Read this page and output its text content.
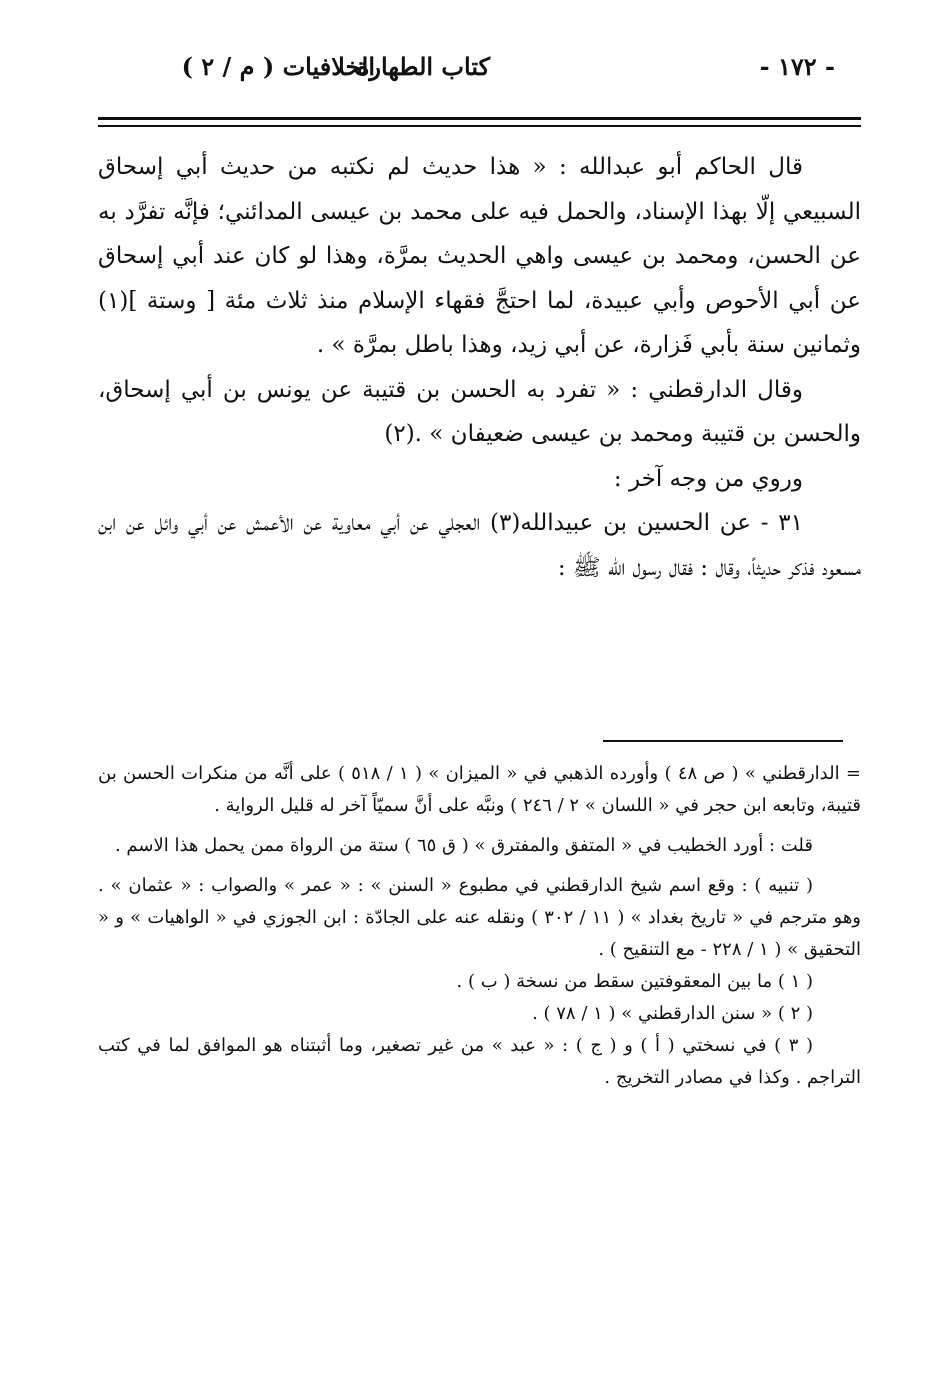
- ١٧٢ -
كتاب الطهارة
الخلافيات ( م / ٢ )

قال الحاكم أبو عبدالله : « هذا حديث لم نكتبه من حديث أبي إسحاق السبيعي إلّا بهذا الإسناد، والحمل فيه على محمد بن عيسى المدائني؛ فإنَّه تفرَّد به عن الحسن، ومحمد بن عيسى واهي الحديث بمرَّة، وهذا لو كان عند أبي إسحاق عن أبي الأحوص وأبي عبيدة، لما احتجَّ فقهاء الإسلام منذ ثلاث مئة [ وستة ](١) وثمانين سنة بأبي فَزارة، عن أبي زيد، وهذا باطل بمرَّة » .

وقال الدارقطني : « تفرد به الحسن بن قتيبة عن يونس بن أبي إسحاق، والحسن بن قتيبة ومحمد بن عيسى ضعيفان » .(٢)

وروي من وجه آخر :

٣١ - عن الحسين بن عبيدالله(٣) العجلي عن أبي معاوية عن الأعمش عن أبي وائل عن ابن مسعود فذكر حديثاً، وقال : فقال رسول الله ﷺ :

= الدارقطني » ( ص ٤٨ ) وأورده الذهبي في « الميزان » ( ١ / ٥١٨ ) على أنَّه من منكرات الحسن بن قتيبة، وتابعه ابن حجر في « اللسان » ٢ / ٢٤٦ ) ونبَّه على أنَّ سميّاً آخر له قليل الرواية .

قلت : أورد الخطيب في « المتفق والمفترق » ( ق ٦٥ ) ستة من الرواة ممن يحمل هذا الاسم .

( تنبيه ) : وقع اسم شيخ الدارقطني في مطبوع « السنن » : « عمر » والصواب : « عثمان » . وهو مترجم في « تاريخ بغداد » ( ١١ / ٣٠٢ ) ونقله عنه على الجادّة : ابن الجوزي في « الواهيات » و « التحقيق » ( ١ / ٢٢٨ - مع التنقيح ) .

( ١ ) ما بين المعقوفتين سقط من نسخة ( ب ) .

( ٢ ) « سنن الدارقطني » ( ١ / ٧٨ ) .

( ٣ ) في نسختي ( أ ) و ( ج ) : « عبد » من غير تصغير، وما أثبتناه هو الموافق لما في كتب التراجم . وكذا في مصادر التخريج .
